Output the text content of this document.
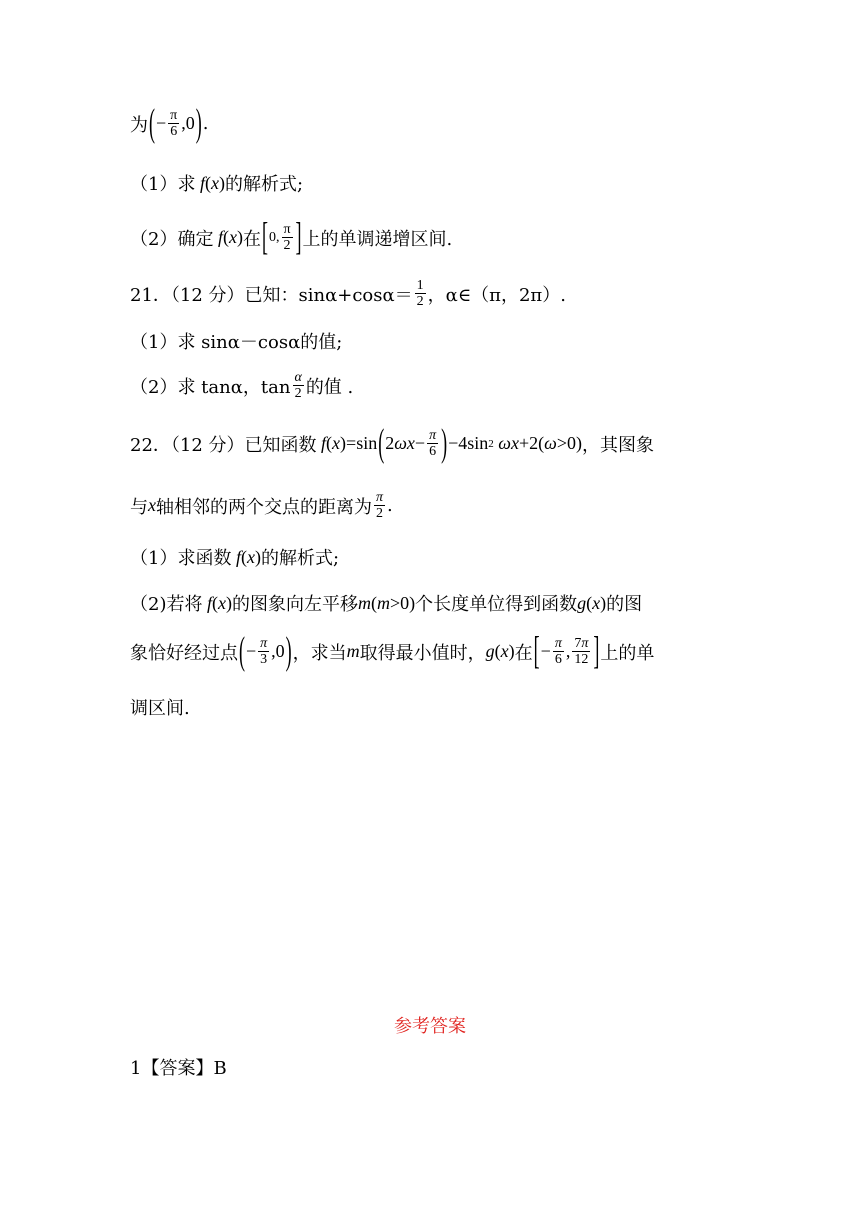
为 ( − $\frac{\pi}{6} ,0$ ) .
（1）求 f ( x ) 的解析式;
（2）确定 f ( x ) 在 [ 0, $\frac{\pi}{2}$ ] 上的单调递增区间.
21．（12 分）已知：$\sin\alpha+\cos\alpha= \frac{1}{2}$ ，α∈（π，2π）.
（1）求 sinα－cosα的值;
（2）求 tanα，$\tan \frac{\alpha}{2}$ 的值 .
22．（12 分）已知函数 f ( x )=sin ( 2 $\omega x - \frac{\pi}{6}$ ) −4sin 2 ωx +2( ω >0) ，其图象
与 x 轴相邻的两个交点的距离为 $\frac{\pi}{2}$ .
（1）求函数 f ( x ) 的解析式;
（2)若将 f ( x ) 的图象向左平移 m ( m >0) 个长度单位得到函数 g ( x ) 的图
象恰好经过点 ( − $\frac{\pi}{3} ,0$ ) ，求当 m 取得最小值时， g ( x ) 在 [ − $\frac{\pi}{6}$ , $\frac{7\pi}{12}$ ] 上的单
调区间.
参考答案
1【答案】B
